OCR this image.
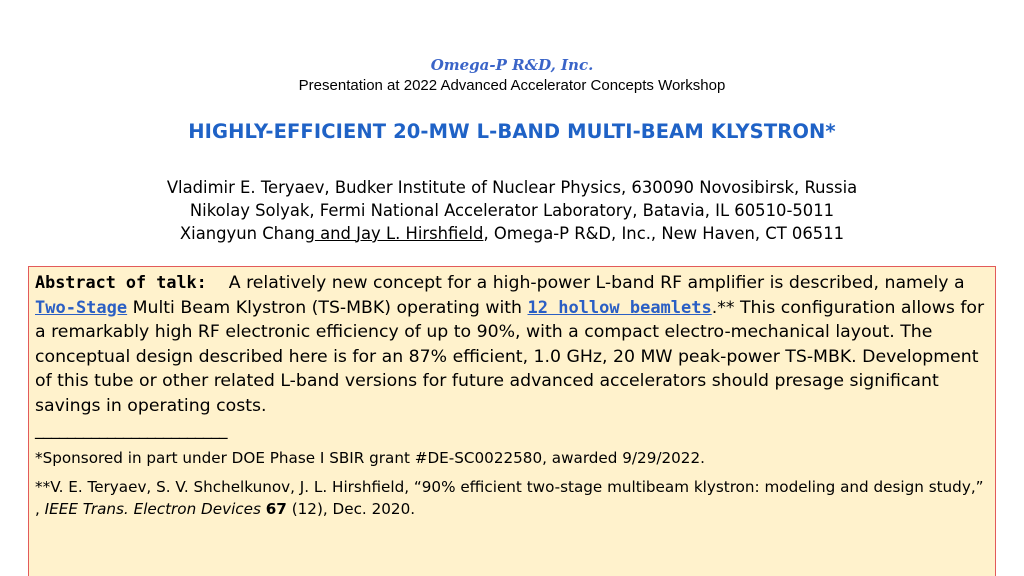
Omega-P R&D, Inc.
Presentation at 2022 Advanced Accelerator Concepts Workshop
HIGHLY-EFFICIENT 20-MW L-BAND MULTI-BEAM KLYSTRON*
Vladimir E. Teryaev, Budker Institute of Nuclear Physics, 630090 Novosibirsk, Russia
Nikolay Solyak, Fermi National Accelerator Laboratory, Batavia, IL 60510-5011
Xiangyun Chang and Jay L. Hirshfield, Omega-P R&D, Inc., New Haven, CT 06511

Abstract of talk: A relatively new concept for a high-power L-band RF amplifier is described, namely a Two-Stage Multi Beam Klystron (TS-MBK) operating with 12 hollow beamlets.** This configuration allows for a remarkably high RF electronic efficiency of up to 90%, with a compact electro-mechanical layout. The conceptual design described here is for an 87% efficient, 1.0 GHz, 20 MW peak-power TS-MBK. Development of this tube or other related L-band versions for future advanced accelerators should presage significant savings in operating costs.

________________________

*Sponsored in part under DOE Phase I SBIR grant #DE-SC0022580, awarded 9/29/2022.

**V. E. Teryaev, S. V. Shchelkunov, J. L. Hirshfield, “90% efficient two-stage multibeam klystron: modeling and design study,” , IEEE Trans. Electron Devices 67 (12), Dec. 2020.
